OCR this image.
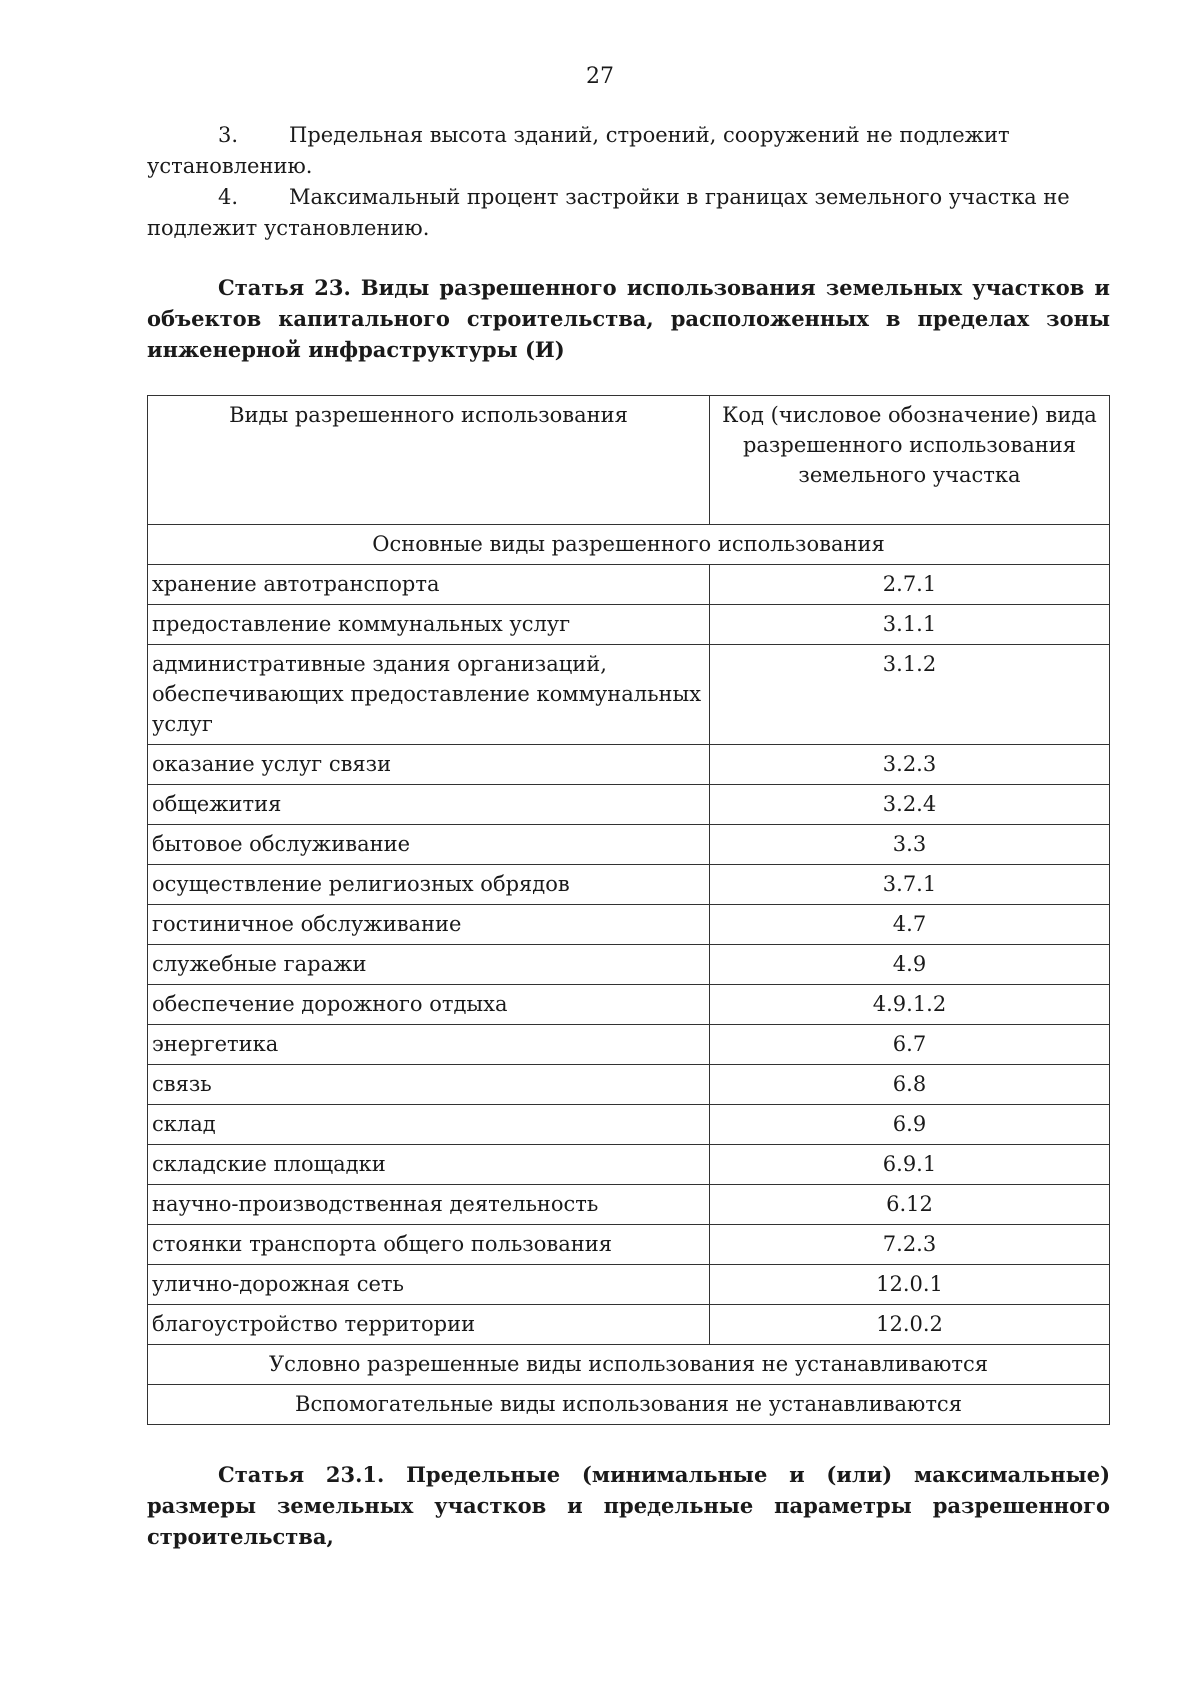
27

3. Предельная высота зданий, строений, сооружений не подлежит
установлению.

4. Максимальный процент застройки в границах земельного участка не
подлежит установлению.

Статья 23. Виды разрешенного использования земельных участков и объектов капитального строительства, расположенных в пределах зоны инженерной инфраструктуры (И)

Виды разрешенного использования	Код (числовое обозначение) вида разрешенного использования земельного участка
Основные виды разрешенного использования	
хранение автотранспорта	2.7.1
предоставление коммунальных услуг	3.1.1
административные здания организаций, обеспечивающих предоставление коммунальных услуг	3.1.2
оказание услуг связи	3.2.3
общежития	3.2.4
бытовое обслуживание	3.3
осуществление религиозных обрядов	3.7.1
гостиничное обслуживание	4.7
служебные гаражи	4.9
обеспечение дорожного отдыха	4.9.1.2
энергетика	6.7
связь	6.8
склад	6.9
складские площадки	6.9.1
научно-производственная деятельность	6.12
стоянки транспорта общего пользования	7.2.3
улично-дорожная сеть	12.0.1
благоустройство территории	12.0.2
Условно разрешенные виды использования не устанавливаются	
Вспомогательные виды использования не устанавливаются	

Статья 23.1. Предельные (минимальные и (или) максимальные) размеры земельных участков и предельные параметры разрешенного строительства,
